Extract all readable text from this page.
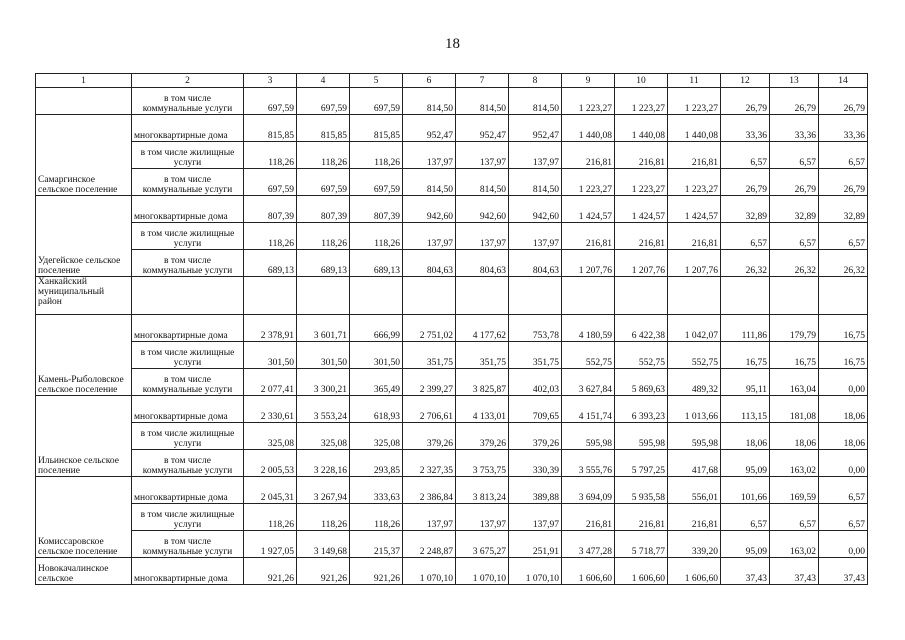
18
1	2	3	4	5	6	7	8	9	10	11	12	13	14
	в том числе коммунальные услуги	697,59	697,59	697,59	814,50	814,50	814,50	1 223,27	1 223,27	1 223,27	26,79	26,79	26,79
Самаргинское сельское поселение	многоквартирные дома	815,85	815,85	815,85	952,47	952,47	952,47	1 440,08	1 440,08	1 440,08	33,36	33,36	33,36
	в том числе жилищные услуги	118,26	118,26	118,26	137,97	137,97	137,97	216,81	216,81	216,81	6,57	6,57	6,57
	в том числе коммунальные услуги	697,59	697,59	697,59	814,50	814,50	814,50	1 223,27	1 223,27	1 223,27	26,79	26,79	26,79
Удегейское сельское поселение	многоквартирные дома	807,39	807,39	807,39	942,60	942,60	942,60	1 424,57	1 424,57	1 424,57	32,89	32,89	32,89
	в том числе жилищные услуги	118,26	118,26	118,26	137,97	137,97	137,97	216,81	216,81	216,81	6,57	6,57	6,57
	в том числе коммунальные услуги	689,13	689,13	689,13	804,63	804,63	804,63	1 207,76	1 207,76	1 207,76	26,32	26,32	26,32
Ханкайский муниципальный район													
Камень-Рыболовское сельское поселение	многоквартирные дома	2 378,91	3 601,71	666,99	2 751,02	4 177,62	753,78	4 180,59	6 422,38	1 042,07	111,86	179,79	16,75
	в том числе жилищные услуги	301,50	301,50	301,50	351,75	351,75	351,75	552,75	552,75	552,75	16,75	16,75	16,75
	в том числе коммунальные услуги	2 077,41	3 300,21	365,49	2 399,27	3 825,87	402,03	3 627,84	5 869,63	489,32	95,11	163,04	0,00
Ильинское сельское поселение	многоквартирные дома	2 330,61	3 553,24	618,93	2 706,61	4 133,01	709,65	4 151,74	6 393,23	1 013,66	113,15	181,08	18,06
	в том числе жилищные услуги	325,08	325,08	325,08	379,26	379,26	379,26	595,98	595,98	595,98	18,06	18,06	18,06
	в том числе коммунальные услуги	2 005,53	3 228,16	293,85	2 327,35	3 753,75	330,39	3 555,76	5 797,25	417,68	95,09	163,02	0,00
Комиссаровское сельское поселение	многоквартирные дома	2 045,31	3 267,94	333,63	2 386,84	3 813,24	389,88	3 694,09	5 935,58	556,01	101,66	169,59	6,57
	в том числе жилищные услуги	118,26	118,26	118,26	137,97	137,97	137,97	216,81	216,81	216,81	6,57	6,57	6,57
	в том числе коммунальные услуги	1 927,05	3 149,68	215,37	2 248,87	3 675,27	251,91	3 477,28	5 718,77	339,20	95,09	163,02	0,00
Новокачалинское сельское	многоквартирные дома	921,26	921,26	921,26	1 070,10	1 070,10	1 070,10	1 606,60	1 606,60	1 606,60	37,43	37,43	37,43
